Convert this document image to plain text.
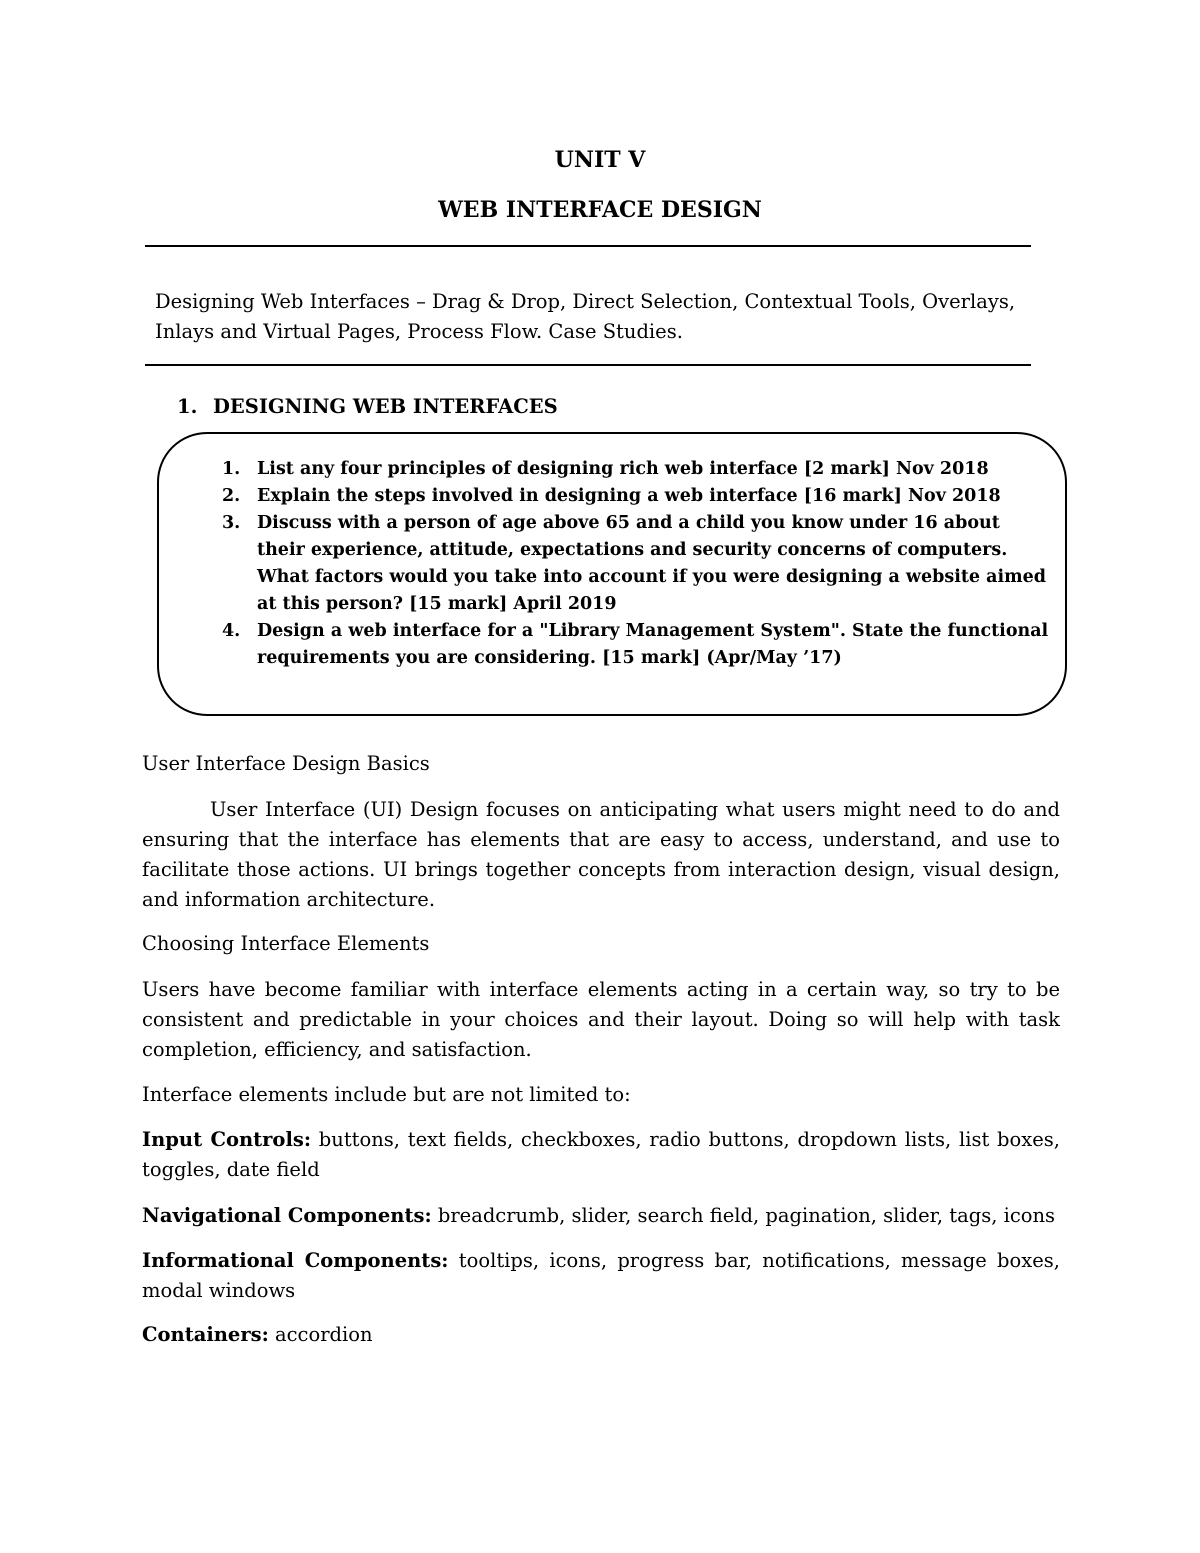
UNIT V
WEB INTERFACE DESIGN
Designing Web Interfaces – Drag & Drop, Direct Selection, Contextual Tools, Overlays, Inlays and Virtual Pages, Process Flow. Case Studies.
1. DESIGNING WEB INTERFACES
1. List any four principles of designing rich web interface [2 mark] Nov 2018
2. Explain the steps involved in designing a web interface [16 mark] Nov 2018
3. Discuss with a person of age above 65 and a child you know under 16 about their experience, attitude, expectations and security concerns of computers. What factors would you take into account if you were designing a website aimed at this person? [15 mark] April 2019
4. Design a web interface for a "Library Management System". State the functional requirements you are considering. [15 mark] (Apr/May ’17)
User Interface Design Basics
User Interface (UI) Design focuses on anticipating what users might need to do and ensuring that the interface has elements that are easy to access, understand, and use to facilitate those actions. UI brings together concepts from interaction design, visual design, and information architecture.
Choosing Interface Elements
Users have become familiar with interface elements acting in a certain way, so try to be consistent and predictable in your choices and their layout. Doing so will help with task completion, efficiency, and satisfaction.
Interface elements include but are not limited to:
Input Controls: buttons, text fields, checkboxes, radio buttons, dropdown lists, list boxes, toggles, date field
Navigational Components: breadcrumb, slider, search field, pagination, slider, tags, icons
Informational Components: tooltips, icons, progress bar, notifications, message boxes, modal windows
Containers: accordion
